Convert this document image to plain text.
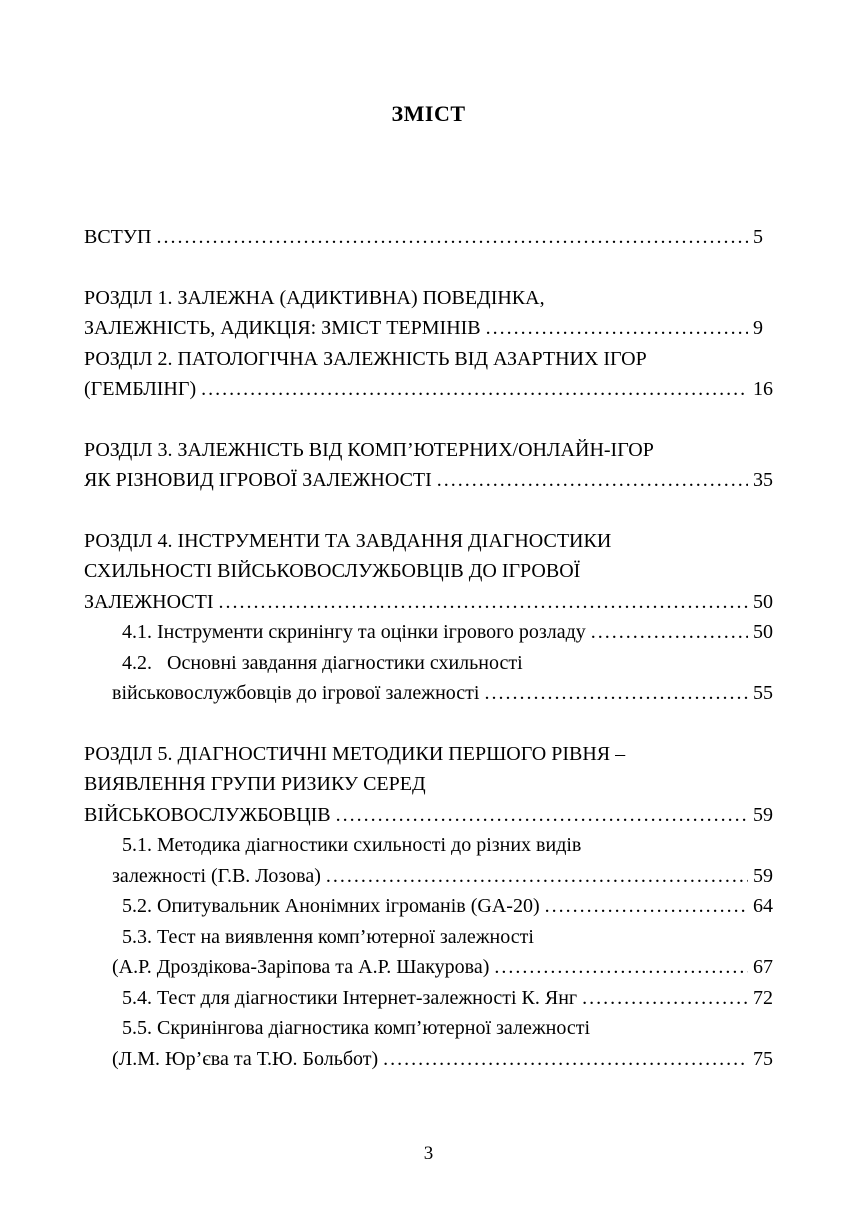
ЗМІСТ
ВСТУП .....	5
РОЗДІЛ 1. ЗАЛЕЖНА (АДИКТИВНА) ПОВЕДІНКА,
ЗАЛЕЖНІСТЬ, АДИКЦІЯ: ЗМІСТ ТЕРМІНІВ .....	9
РОЗДІЛ 2. ПАТОЛОГІЧНА ЗАЛЕЖНІСТЬ ВІД АЗАРТНИХ ІГОР
(ГЕМБЛІНГ) .....	16
РОЗДІЛ 3. ЗАЛЕЖНІСТЬ ВІД КОМП’ЮТЕРНИХ/ОНЛАЙН-ІГОР
ЯК РІЗНОВИД ІГРОВОЇ ЗАЛЕЖНОСТІ .....	35
РОЗДІЛ 4. ІНСТРУМЕНТИ ТА ЗАВДАННЯ ДІАГНОСТИКИ
СХИЛЬНОСТІ ВІЙСЬКОВОСЛУЖБОВЦІВ ДО ІГРОВОЇ
ЗАЛЕЖНОСТІ .....	50
4.1. Інструменти скринінгу та оцінки ігрового розладу .....	50
4.2.   Основні завдання діагностики схильності
військовослужбовців до ігрової залежності .....	55
РОЗДІЛ 5. ДІАГНОСТИЧНІ МЕТОДИКИ ПЕРШОГО РІВНЯ –
ВИЯВЛЕННЯ ГРУПИ РИЗИКУ СЕРЕД
ВІЙСЬКОВОСЛУЖБОВЦІВ .....	59
5.1. Методика діагностики схильності до різних видів
залежності (Г.В. Лозова) .....	59
5.2. Опитувальник Анонімних ігроманів (GA-20) .....	64
5.3. Тест на виявлення комп’ютерної залежності
(А.Р. Дроздікова-Заріпова та А.Р. Шакурова) .....	67
5.4. Тест для діагностики Інтернет-залежності К. Янг .....	72
5.5. Скринінгова діагностика комп’ютерної залежності
(Л.М. Юр’єва та Т.Ю. Больбот) .....	75
3
